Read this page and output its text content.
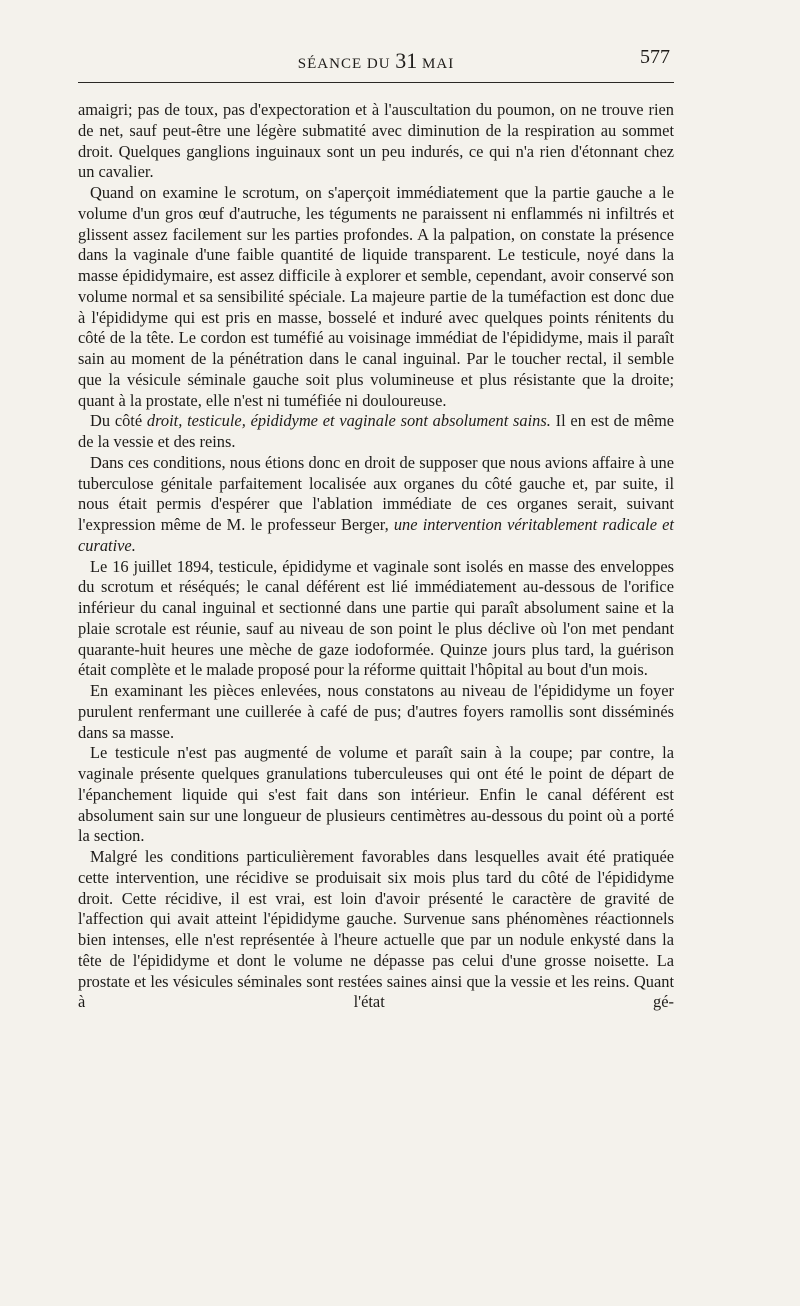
SÉANCE DU 31 MAI	577

amaigri; pas de toux, pas d'expectoration et à l'auscultation du poumon, on ne trouve rien de net, sauf peut-être une légère submatité avec diminution de la respiration au sommet droit. Quelques ganglions inguinaux sont un peu indurés, ce qui n'a rien d'étonnant chez un cavalier.

Quand on examine le scrotum, on s'aperçoit immédiatement que la partie gauche a le volume d'un gros œuf d'autruche, les téguments ne paraissent ni enflammés ni infiltrés et glissent assez facilement sur les parties profondes. A la palpation, on constate la présence dans la vaginale d'une faible quantité de liquide transparent. Le testicule, noyé dans la masse épididymaire, est assez difficile à explorer et semble, cependant, avoir conservé son volume normal et sa sensibilité spéciale. La majeure partie de la tuméfaction est donc due à l'épididyme qui est pris en masse, bosselé et induré avec quelques points rénitents du côté de la tête. Le cordon est tuméfié au voisinage immédiat de l'épididyme, mais il paraît sain au moment de la pénétration dans le canal inguinal. Par le toucher rectal, il semble que la vésicule séminale gauche soit plus volumineuse et plus résistante que la droite; quant à la prostate, elle n'est ni tuméfiée ni douloureuse.

Du côté droit, testicule, épididyme et vaginale sont absolument sains. Il en est de même de la vessie et des reins.

Dans ces conditions, nous étions donc en droit de supposer que nous avions affaire à une tuberculose génitale parfaitement localisée aux organes du côté gauche et, par suite, il nous était permis d'espérer que l'ablation immédiate de ces organes serait, suivant l'expression même de M. le professeur Berger, une intervention véritablement radicale et curative.

Le 16 juillet 1894, testicule, épididyme et vaginale sont isolés en masse des enveloppes du scrotum et réséqués; le canal déférent est lié immédiatement au-dessous de l'orifice inférieur du canal inguinal et sectionné dans une partie qui paraît absolument saine et la plaie scrotale est réunie, sauf au niveau de son point le plus déclive où l'on met pendant quarante-huit heures une mèche de gaze iodoformée. Quinze jours plus tard, la guérison était complète et le malade proposé pour la réforme quittait l'hôpital au bout d'un mois.

En examinant les pièces enlevées, nous constatons au niveau de l'épididyme un foyer purulent renfermant une cuillerée à café de pus; d'autres foyers ramollis sont disséminés dans sa masse.

Le testicule n'est pas augmenté de volume et paraît sain à la coupe; par contre, la vaginale présente quelques granulations tuberculeuses qui ont été le point de départ de l'épanchement liquide qui s'est fait dans son intérieur. Enfin le canal déférent est absolument sain sur une longueur de plusieurs centimètres au-dessous du point où a porté la section.

Malgré les conditions particulièrement favorables dans lesquelles avait été pratiquée cette intervention, une récidive se produisait six mois plus tard du côté de l'épididyme droit. Cette récidive, il est vrai, est loin d'avoir présenté le caractère de gravité de l'affection qui avait atteint l'épididyme gauche. Survenue sans phénomènes réactionnels bien intenses, elle n'est représentée à l'heure actuelle que par un nodule enkysté dans la tête de l'épididyme et dont le volume ne dépasse pas celui d'une grosse noisette. La prostate et les vésicules séminales sont restées saines ainsi que la vessie et les reins. Quant à l'état gé-
